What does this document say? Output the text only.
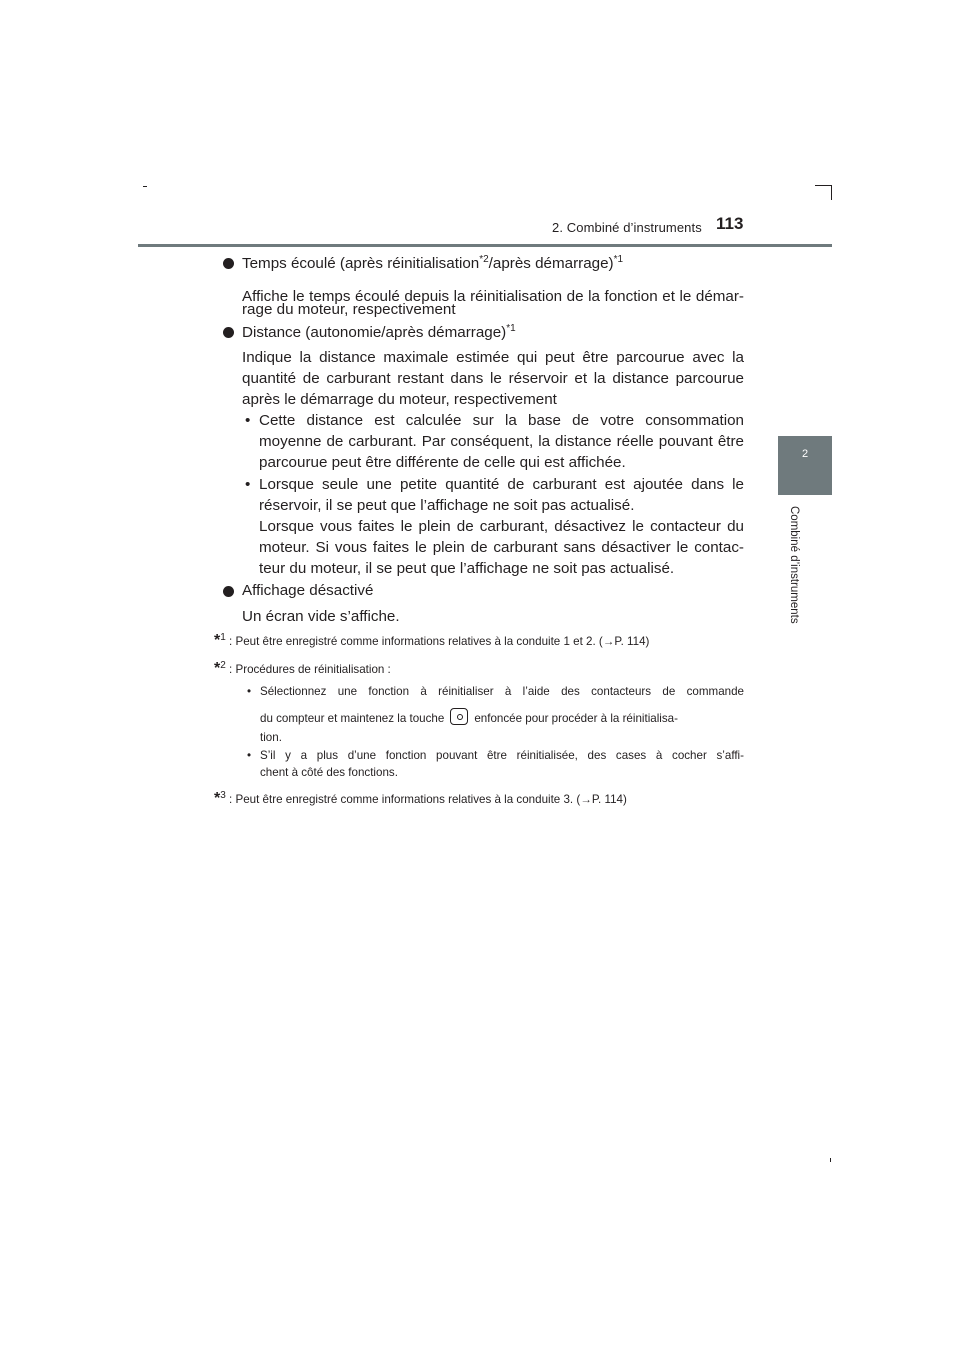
2. Combiné d’instruments 113
2
Combiné d’instruments
Temps écoulé (après réinitialisation$^{*2}$/après démarrage)$^{*1}$
Affiche le temps écoulé depuis la réinitialisation de la fonction et le démar-
rage du moteur, respectivement
Distance (autonomie/après démarrage)$^{*1}$
Indique la distance maximale estimée qui peut être parcourue avec la
quantité de carburant restant dans le réservoir et la distance parcourue
après le démarrage du moteur, respectivement
• Cette distance est calculée sur la base de votre consommation
moyenne de carburant. Par conséquent, la distance réelle pouvant être
parcourue peut être différente de celle qui est affichée.
• Lorsque seule une petite quantité de carburant est ajoutée dans le
réservoir, il se peut que l’affichage ne soit pas actualisé.
Lorsque vous faites le plein de carburant, désactivez le contacteur du
moteur. Si vous faites le plein de carburant sans désactiver le contac-
teur du moteur, il se peut que l’affichage ne soit pas actualisé.
Affichage désactivé
Un écran vide s’affiche.
*$^1$ : Peut être enregistré comme informations relatives à la conduite 1 et 2. (→P. 114)
*$^2$ : Procédures de réinitialisation :
• Sélectionnez une fonction à réinitialiser à l’aide des contacteurs de commande
du compteur et maintenez la touche	enfoncée pour procéder à la réinitialisa-
tion.
• S’il y a plus d’une fonction pouvant être réinitialisée, des cases à cocher s’affi-
chent à côté des fonctions.
*$^3$ : Peut être enregistré comme informations relatives à la conduite 3. (→P. 114)
